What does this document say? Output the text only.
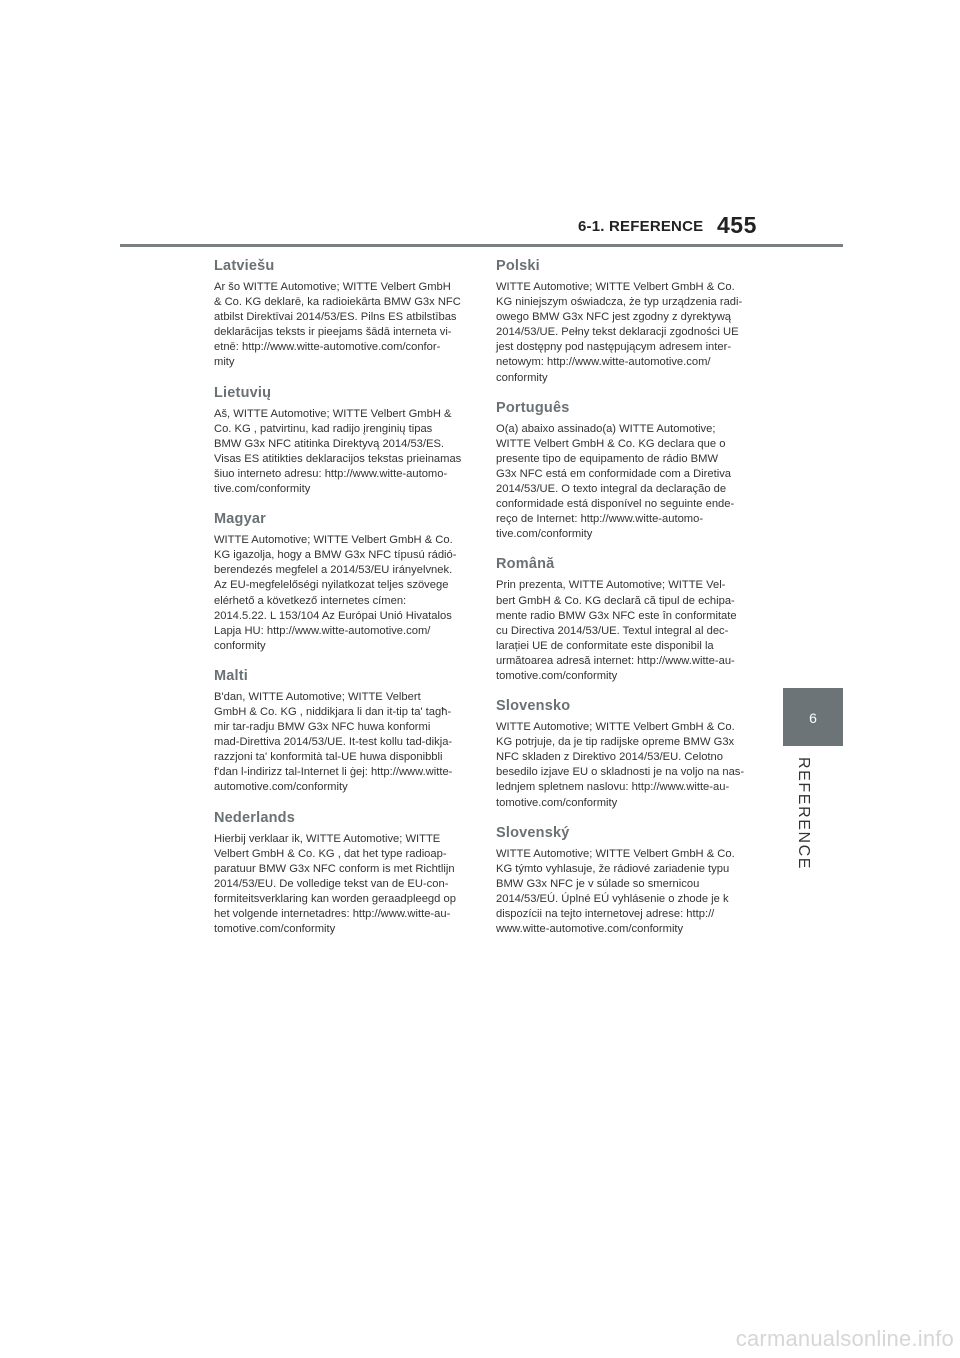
6-1. REFERENCE 455
6
REFERENCE
Latviešu

Ar šo WITTE Automotive; WITTE Velbert GmbH
& Co. KG deklarē, ka radioiekārta BMW G3x NFC
atbilst Direktīvai 2014/53/ES. Pilns ES atbilstības
deklarācijas teksts ir pieejams šādā interneta vi-
etnē: http://www.witte-automotive.com/confor-
mity

Lietuvių

Aš, WITTE Automotive; WITTE Velbert GmbH &
Co. KG , patvirtinu, kad radijo įrenginių tipas
BMW G3x NFC atitinka Direktyvą 2014/53/ES.
Visas ES atitikties deklaracijos tekstas prieinamas
šiuo interneto adresu: http://www.witte-automo-
tive.com/conformity

Magyar

WITTE Automotive; WITTE Velbert GmbH & Co.
KG igazolja, hogy a BMW G3x NFC típusú rádió-
berendezés megfelel a 2014/53/EU irányelvnek.
Az EU-megfelelőségi nyilatkozat teljes szövege
elérhető a következő internetes címen:
2014.5.22. L 153/104 Az Európai Unió Hivatalos
Lapja HU: http://www.witte-automotive.com/
conformity

Malti

B'dan, WITTE Automotive; WITTE Velbert
GmbH & Co. KG , niddikjara li dan it-tip ta' tagħ-
mir tar-radju BMW G3x NFC huwa konformi
mad-Direttiva 2014/53/UE. It-test kollu tad-dikja-
razzjoni ta' konformità tal-UE huwa disponibbli
f'dan l-indirizz tal-Internet li ġej: http://www.witte-
automotive.com/conformity

Nederlands

Hierbij verklaar ik, WITTE Automotive; WITTE
Velbert GmbH & Co. KG , dat het type radioap-
paratuur BMW G3x NFC conform is met Richtlijn
2014/53/EU. De volledige tekst van de EU-con-
formiteitsverklaring kan worden geraadpleegd op
het volgende internetadres: http://www.witte-au-
tomotive.com/conformity

Polski

WITTE Automotive; WITTE Velbert GmbH & Co.
KG niniejszym oświadcza, że typ urządzenia radi-
owego BMW G3x NFC jest zgodny z dyrektywą
2014/53/UE. Pełny tekst deklaracji zgodności UE
jest dostępny pod następującym adresem inter-
netowym: http://www.witte-automotive.com/
conformity

Português

O(a) abaixo assinado(a) WITTE Automotive;
WITTE Velbert GmbH & Co. KG declara que o
presente tipo de equipamento de rádio BMW
G3x NFC está em conformidade com a Diretiva
2014/53/UE. O texto integral da declaração de
conformidade está disponível no seguinte ende-
reço de Internet: http://www.witte-automo-
tive.com/conformity

Română

Prin prezenta, WITTE Automotive; WITTE Vel-
bert GmbH & Co. KG declară că tipul de echipa-
mente radio BMW G3x NFC este în conformitate
cu Directiva 2014/53/UE. Textul integral al dec-
larației UE de conformitate este disponibil la
următoarea adresă internet: http://www.witte-au-
tomotive.com/conformity

Slovensko

WITTE Automotive; WITTE Velbert GmbH & Co.
KG potrjuje, da je tip radijske opreme BMW G3x
NFC skladen z Direktivo 2014/53/EU. Celotno
besedilo izjave EU o skladnosti je na voljo na nas-
lednjem spletnem naslovu: http://www.witte-au-
tomotive.com/conformity

Slovenský

WITTE Automotive; WITTE Velbert GmbH & Co.
KG týmto vyhlasuje, že rádiové zariadenie typu
BMW G3x NFC je v súlade so smernicou
2014/53/EÚ. Úplné EÚ vyhlásenie o zhode je k
dispozícii na tejto internetovej adrese: http://
www.witte-automotive.com/conformity

carmanualsonline.info
